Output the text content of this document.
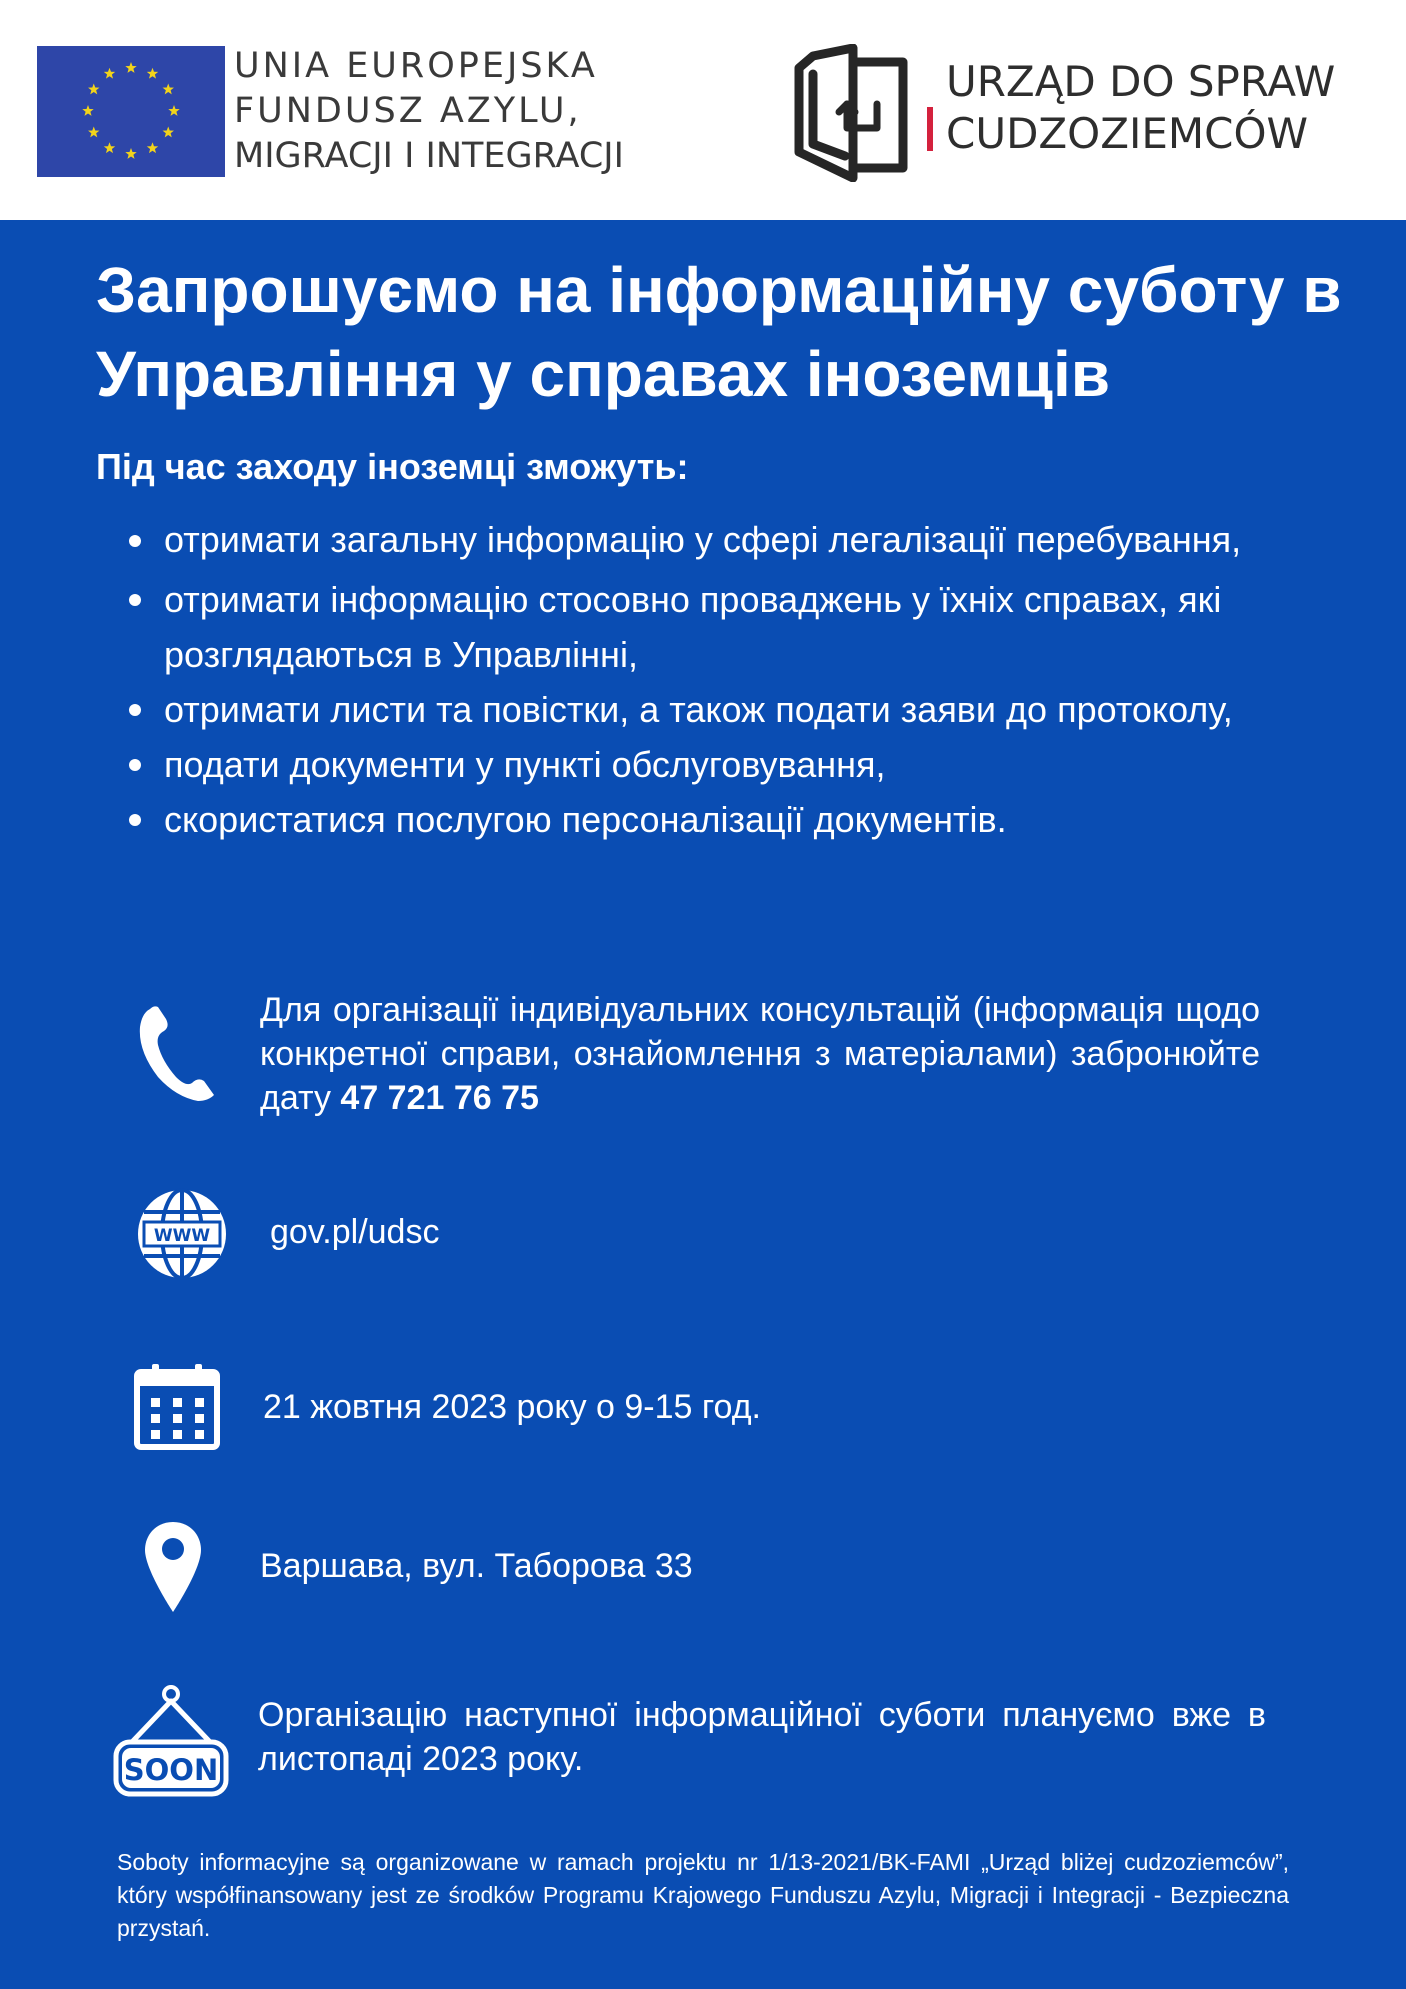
UNIA EUROPEJSKA
FUNDUSZ AZYLU,
MIGRACJI I INTEGRACJI
URZĄD DO SPRAW
CUDZOZIEMCÓW
Запрошуємо на інформаційну суботу в Управління у справах іноземців
Під час заходу іноземці зможуть:
отримати загальну інформацію у сфері легалізації перебування,
отримати інформацію стосовно проваджень у їхніх справах, які розглядаються в Управлінні,
отримати листи та повістки, а також подати заяви до протоколу,
подати документи у пункті обслуговування,
скористатися послугою персоналізації документів.
Для організації індивідуальних консультацій (інформація щодо конкретної справи, ознайомлення з матеріалами) забронюйте дату 47 721 76 75
WWW gov.pl/udsc
21 жовтня 2023 року о 9-15 год.
Варшава, вул. Таборова 33
SOON
Організацію наступної інформаційної суботи плануємо вже в листопаді 2023 року.
Soboty informacyjne są organizowane w ramach projektu nr 1/13-2021/BK-FAMI „Urząd bliżej cudzoziemców”, który współfinansowany jest ze środków Programu Krajowego Funduszu Azylu, Migracji i Integracji - Bezpieczna przystań.
